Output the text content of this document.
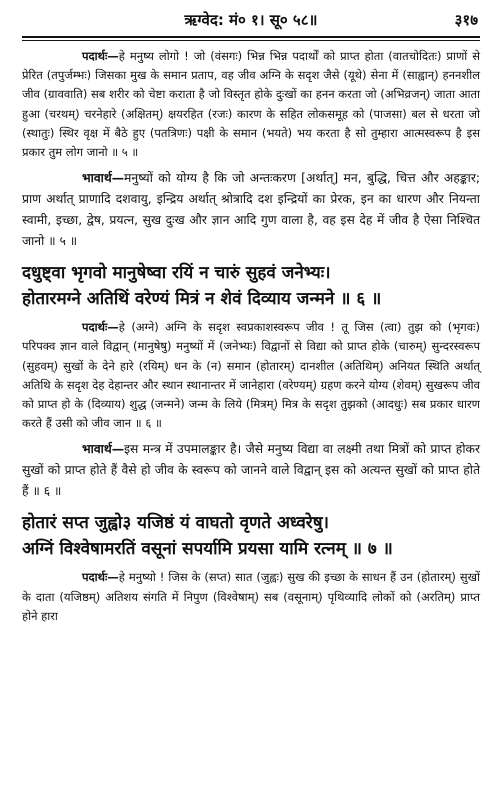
ऋग्वेद: मं० १। सू० ५८॥	३१७

पदार्थः—हे मनुष्य लोगो ! जो (वंसगः) भिन्न भिन्न पदार्थों को प्राप्त होता (वातचोदितः) प्राणों से प्रेरित (तपुर्जम्भः) जिसका मुख के समान प्रताप, वह जीव अग्नि के सदृश जैसे (यूथे) सेना में (साह्वान्) हननशील जीव (ग्राववाति) सब शरीर को चेष्टा कराता है जो विस्तृत होके दुःखों का हनन करता जो (अभिव्रजन्) जाता आता हुआ (चरथम्) चरनेहारे (अक्षितम्) क्षयरहित (रजः) कारण के सहित लोकसमूह को (पाजसा) बल से धरता जो (स्थातुः) स्थिर वृक्ष में बैठे हुए (पतत्रिणः) पक्षी के समान (भयते) भय करता है सो तुम्हारा आत्मस्वरूप है इस प्रकार तुम लोग जानो ॥ ५ ॥

भावार्थ—मनुष्यों को योग्य है कि जो अन्तःकरण [अर्थात्] मन, बुद्धि, चित्त और अहङ्कार; प्राण अर्थात् प्राणादि दशवायु, इन्द्रिय अर्थात् श्रोत्रादि दश इन्द्रियों का प्रेरक, इन का धारण और नियन्ता स्वामी, इच्छा, द्वेष, प्रयत्न, सुख दुःख और ज्ञान आदि गुण वाला है, वह इस देह में जीव है ऐसा निश्चित जानो ॥ ५ ॥

दधुष्ट्वा भृगवो मानुषेष्वा रयिं न चारुं सुहवं जनेभ्यः।
होतारमग्ने अतिथिं वरेण्यं मित्रं न शेवं दिव्याय जन्मने ॥ ६ ॥

पदार्थः—हे (अग्ने) अग्नि के सदृश स्वप्रकाशस्वरूप जीव ! तू जिस (त्वा) तुझ को (भृगवः) परिपक्व ज्ञान वाले विद्वान् (मानुषेषु) मनुष्यों में (जनेभ्यः) विद्वानों से विद्या को प्राप्त होके (चारुम्) सुन्दरस्वरूप (सुहवम्) सुखों के देने हारे (रयिम्) धन के (न) समान (होतारम्) दानशील (अतिथिम्) अनियत स्थिति अर्थात् अतिथि के सदृश देह देहान्तर और स्थान स्थानान्तर में जानेहारा (वरेण्यम्) ग्रहण करने योग्य (शेवम्) सुखरूप जीव को प्राप्त हो के (दिव्याय) शुद्ध (जन्मने) जन्म के लिये (मित्रम्) मित्र के सदृश तुझको (आदधुः) सब प्रकार धारण करते हैं उसी को जीव जान ॥ ६ ॥

भावार्थ—इस मन्त्र में उपमालङ्कार है। जैसे मनुष्य विद्या वा लक्ष्मी तथा मित्रों को प्राप्त होकर सुखों को प्राप्त होते हैं वैसे हो जीव के स्वरूप को जानने वाले विद्वान् इस को अत्यन्त सुखों को प्राप्त होते हैं ॥ ६ ॥

होतारं सप्त जुह्वो३ यजिष्ठं यं वाघतो वृणते अध्वरेषु।
अग्निं विश्वेषामरतिं वसूनां सपर्यामि प्रयसा यामि रत्नम् ॥ ७ ॥

पदार्थः—हे मनुष्यो ! जिस के (सप्त) सात (जुह्वः) सुख की इच्छा के साधन हैं उन (होतारम्) सुखों के दाता (यजिष्ठम्) अतिशय संगति में निपुण (विश्वेषाम्) सब (वसूनाम्) पृथिव्यादि लोकों को (अरतिम्) प्राप्त होने हारा
